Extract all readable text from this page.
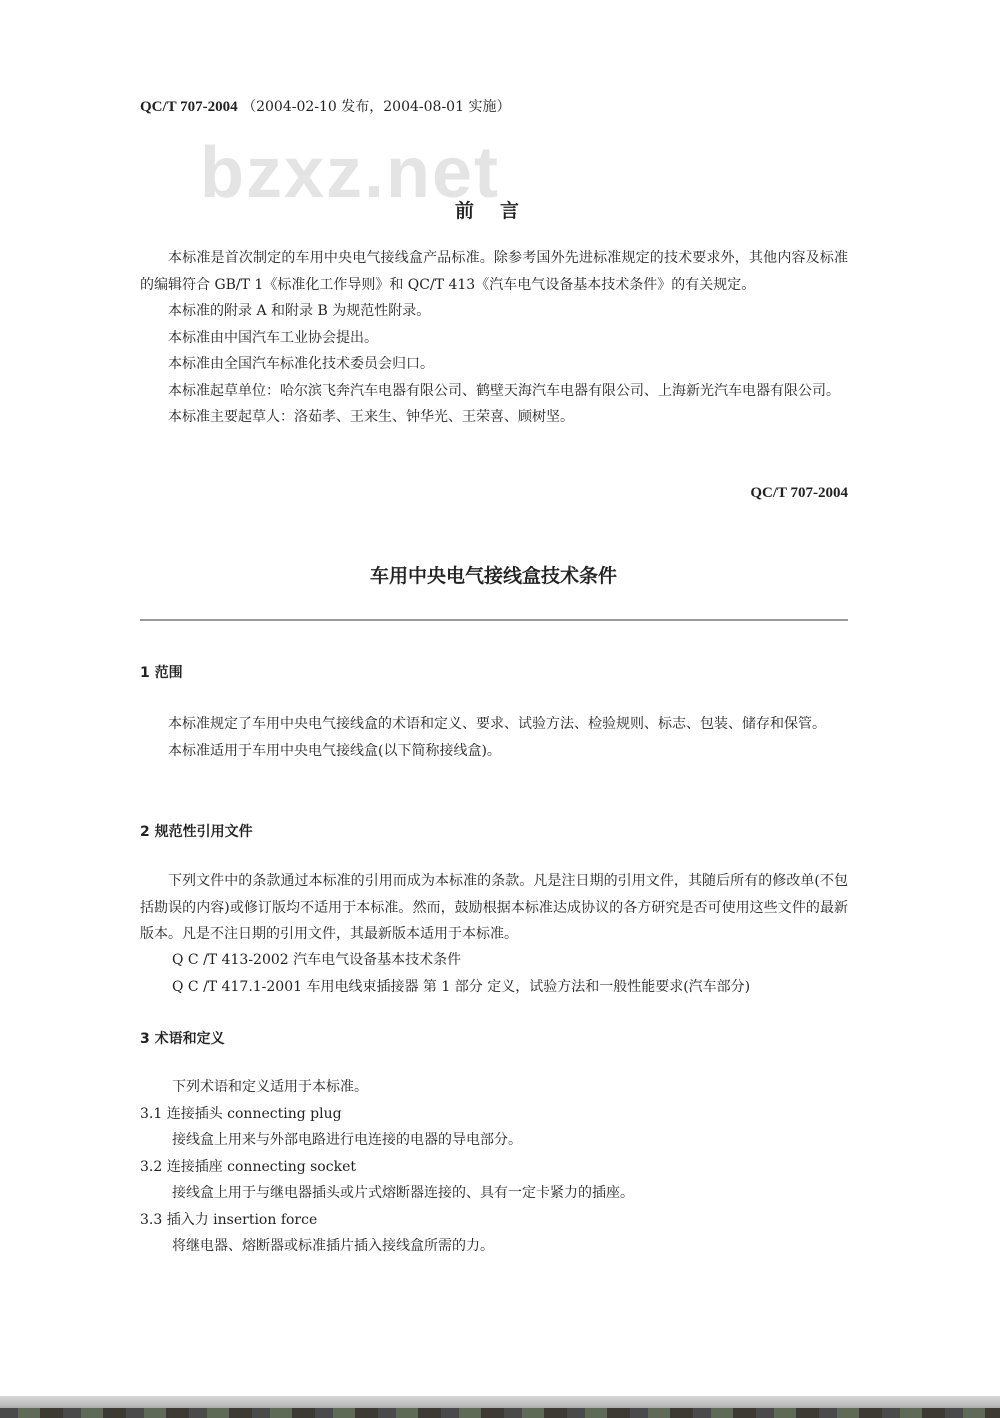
QC/T 707-2004 （2004-02-10 发布，2004-08-01 实施）
bzxz.net
前言

本标准是首次制定的车用中央电气接线盒产品标准。除参考国外先进标准规定的技术要求外，其他内容及标准的编辑符合 GB/T 1《标准化工作导则》和 QC/T 413《汽车电气设备基本技术条件》的有关规定。

本标准的附录 A 和附录 B 为规范性附录。

本标准由中国汽车工业协会提出。

本标准由全国汽车标准化技术委员会归口。

本标准起草单位：哈尔滨飞奔汽车电器有限公司、鹤壁天海汽车电器有限公司、上海新光汽车电器有限公司。

本标准主要起草人：洛茹孝、王来生、钟华光、王荣喜、顾树坚。

QC/T 707-2004
车用中央电气接线盒技术条件
1 范围

本标准规定了车用中央电气接线盒的术语和定义、要求、试验方法、检验规则、标志、包装、储存和保管。

本标准适用于车用中央电气接线盒(以下简称接线盒)。

2 规范性引用文件

下列文件中的条款通过本标准的引用而成为本标准的条款。凡是注日期的引用文件，其随后所有的修改单(不包括勘误的内容)或修订版均不适用于本标准。然而，鼓励根据本标准达成协议的各方研究是否可使用这些文件的最新版本。凡是不注日期的引用文件，其最新版本适用于本标准。

Q C /T 413-2002 汽车电气设备基本技术条件
Q C /T 417.1-2001 车用电线束插接器 第 1 部分 定义，试验方法和一般性能要求(汽车部分)
3 术语和定义
下列术语和定义适用于本标准。
3.1 连接插头 connecting plug
接线盒上用来与外部电路进行电连接的电器的导电部分。
3.2 连接插座 connecting socket
接线盒上用于与继电器插头或片式熔断器连接的、具有一定卡紧力的插座。
3.3 插入力 insertion force
将继电器、熔断器或标准插片插入接线盒所需的力。
